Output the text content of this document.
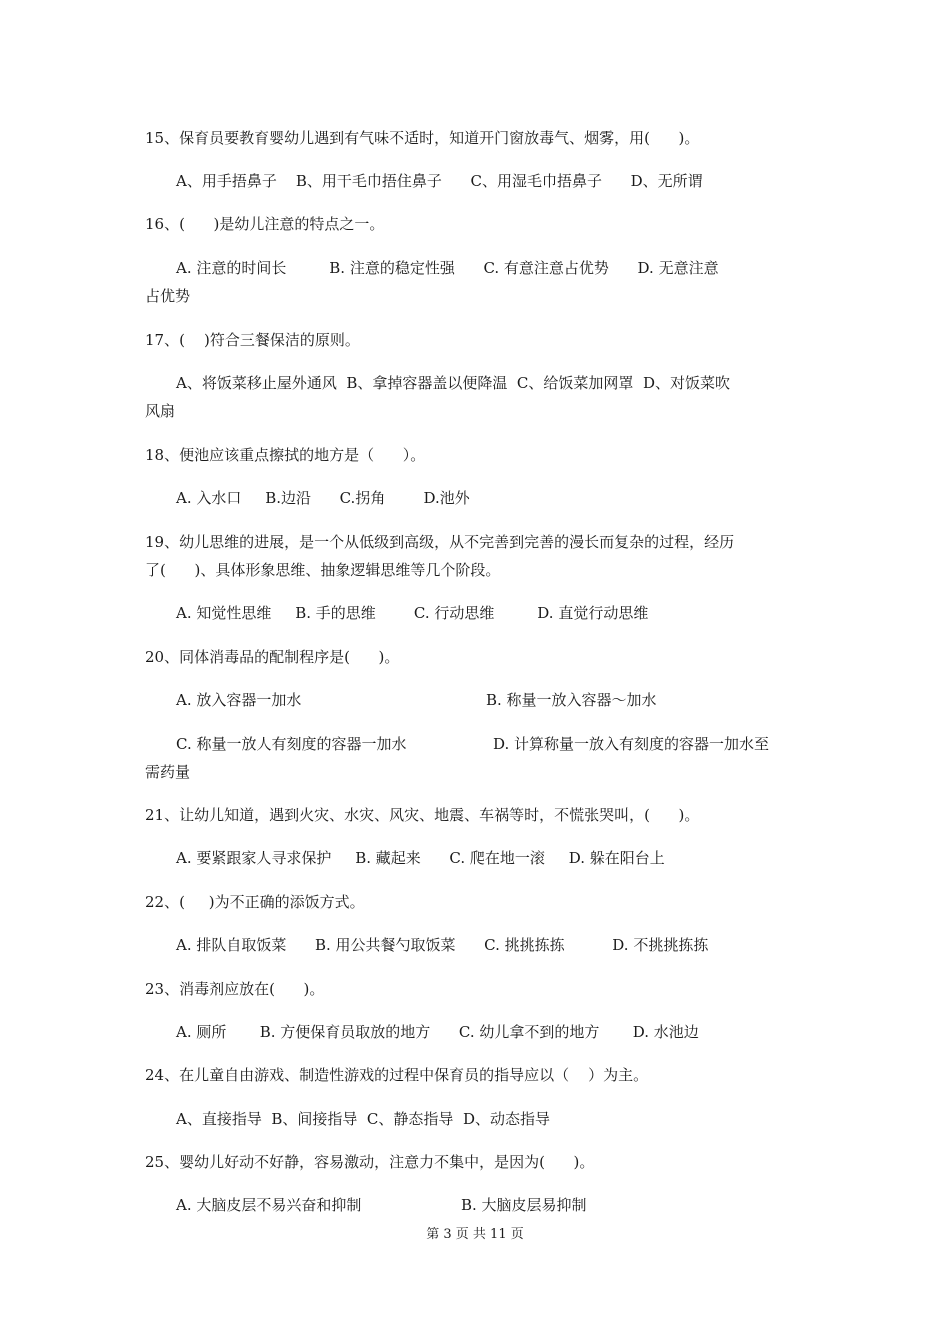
15、保育员要教育婴幼儿遇到有气味不适时，知道开门窗放毒气、烟雾，用(      )。
A、用手捂鼻子    B、用干毛巾捂住鼻子      C、用湿毛巾捂鼻子      D、无所谓
16、(      )是幼儿注意的特点之一。
A. 注意的时间长         B. 注意的稳定性强      C. 有意注意占优势      D. 无意注意
占优势
17、(    )符合三餐保洁的原则。
A、将饭菜移止屋外通风  B、拿掉容器盖以便降温  C、给饭菜加网罩  D、对饭菜吹
风扇
18、便池应该重点擦拭的地方是（      ）。
A. 入水口     B.边沿      C.拐角        D.池外
19、幼儿思维的进展，是一个从低级到高级，从不完善到完善的漫长而复杂的过程，经历
了(      )、具体形象思维、抽象逻辑思维等几个阶段。
A. 知觉性思维     B. 手的思维        C. 行动思维         D. 直觉行动思维
20、同体消毒品的配制程序是(      )。
A. 放入容器一加水	B. 称量一放入容器～加水
C. 称量一放人有刻度的容器一加水	D. 计算称量一放入有刻度的容器一加水至
需药量
21、让幼儿知道，遇到火灾、水灾、风灾、地震、车祸等时，不慌张哭叫，(      )。
A. 要紧跟家人寻求保护     B. 藏起来      C. 爬在地一滚     D. 躲在阳台上
22、(     )为不正确的添饭方式。
A. 排队自取饭菜      B. 用公共餐勺取饭菜      C. 挑挑拣拣          D. 不挑挑拣拣
23、消毒剂应放在(      )。
A. 厕所       B. 方便保育员取放的地方      C. 幼儿拿不到的地方       D. 水池边
24、在儿童自由游戏、制造性游戏的过程中保育员的指导应以（    ）为主。
A、直接指导  B、间接指导  C、静态指导  D、动态指导
25、婴幼儿好动不好静，容易激动，注意力不集中，是因为(      )。
A. 大脑皮层不易兴奋和抑制	B. 大脑皮层易抑制
第 3 页 共 11 页
